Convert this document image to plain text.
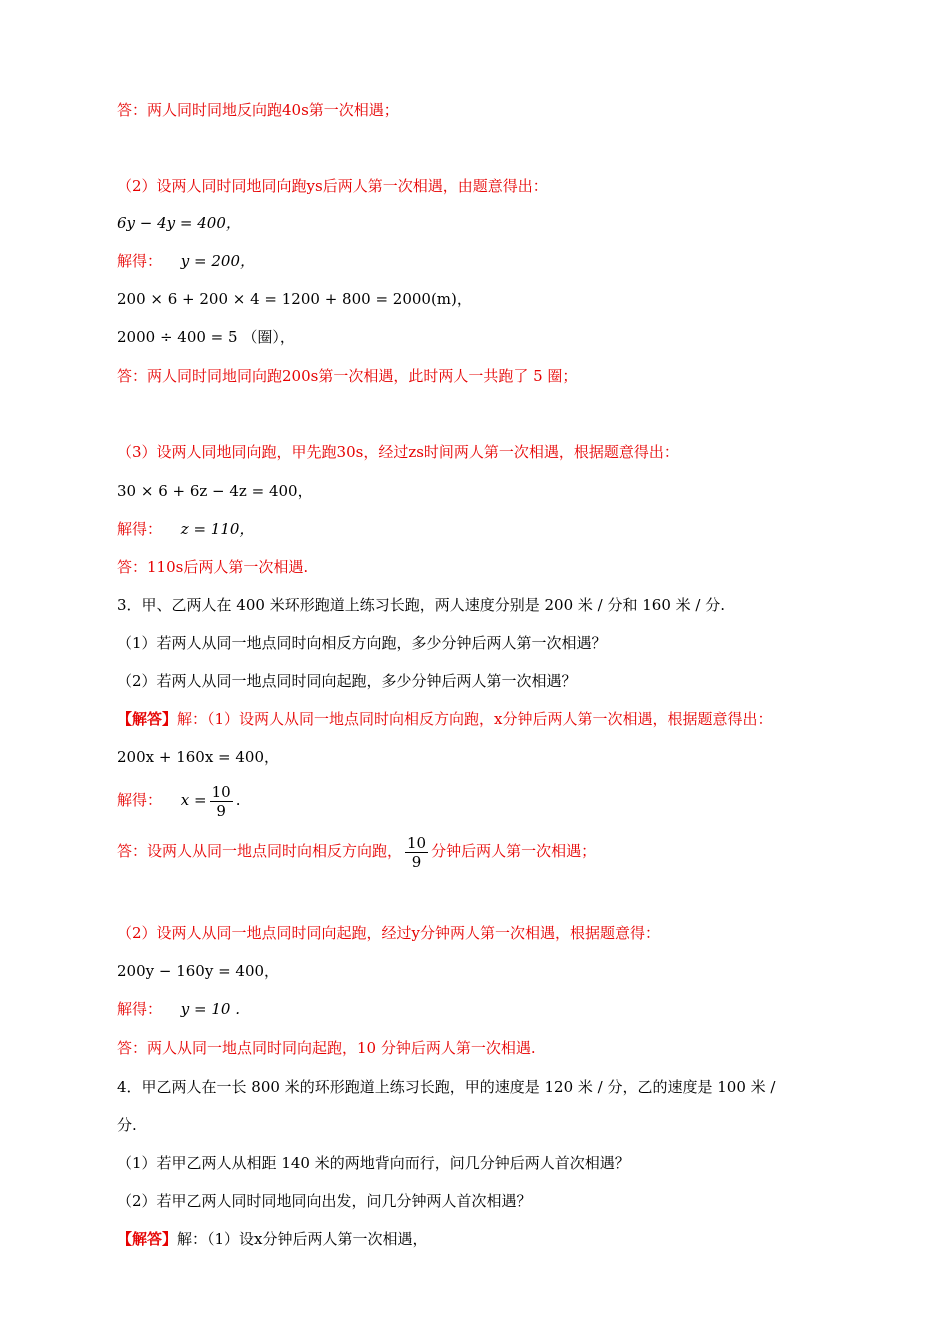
答：两人同时同地反向跑40s第一次相遇；
（2）设两人同时同地同向跑ys后两人第一次相遇，由题意得出：
6y − 4y = 400，
解得： y = 200，
200 × 6 + 200 × 4 = 1200 + 800 = 2000(m)，
2000 ÷ 400 = 5 （圈），
答：两人同时同地同向跑200s第一次相遇，此时两人一共跑了 5 圈；
（3）设两人同地同向跑，甲先跑30s，经过zs时间两人第一次相遇，根据题意得出：
30 × 6 + 6z − 4z = 400，
解得： z = 110，
答：110s后两人第一次相遇.
3．甲、乙两人在 400 米环形跑道上练习长跑，两人速度分别是 200 米 / 分和 160 米 / 分.
（1）若两人从同一地点同时向相反方向跑，多少分钟后两人第一次相遇？
（2）若两人从同一地点同时同向起跑，多少分钟后两人第一次相遇？
【解答】解：（1）设两人从同一地点同时向相反方向跑，x分钟后两人第一次相遇，根据题意得出：
200x + 160x = 400，
解得： $x = \frac{10}{9}$ .
答：设两人从同一地点同时向相反方向跑， $\frac{10}{9}$ 分钟后两人第一次相遇；
（2）设两人从同一地点同时同向起跑，经过y分钟两人第一次相遇，根据题意得：
200y − 160y = 400，
解得： y = 10 .
答：两人从同一地点同时同向起跑，10 分钟后两人第一次相遇.
4．甲乙两人在一长 800 米的环形跑道上练习长跑，甲的速度是 120 米 / 分，乙的速度是 100 米 /
分.
（1）若甲乙两人从相距 140 米的两地背向而行，问几分钟后两人首次相遇？
（2）若甲乙两人同时同地同向出发，问几分钟两人首次相遇？
【解答】解：（1）设x分钟后两人第一次相遇，
